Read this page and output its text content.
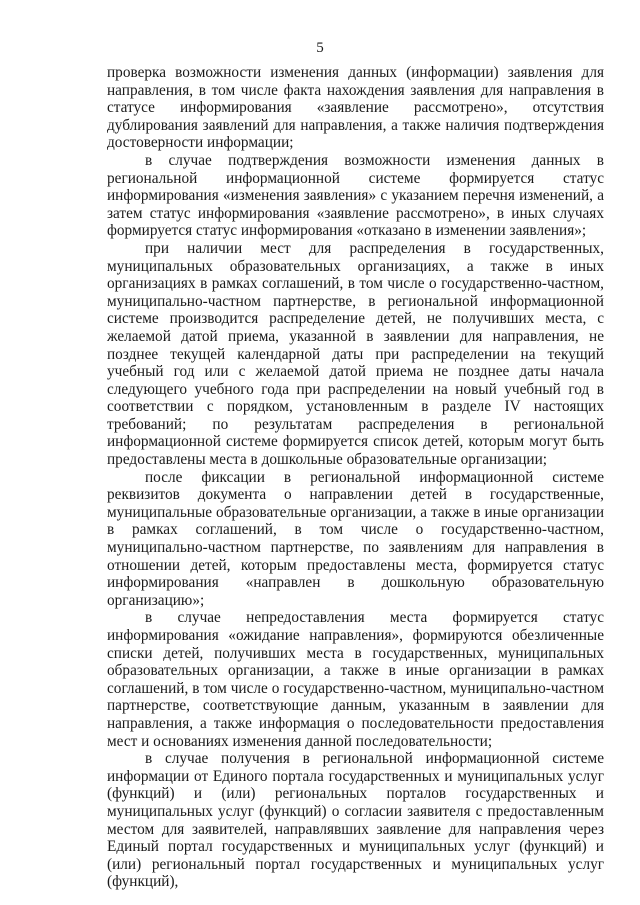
5

проверка возможности изменения данных (информации) заявления для направления, в том числе факта нахождения заявления для направления в статусе информирования «заявление рассмотрено», отсутствия дублирования заявлений для направления, а также наличия подтверждения достоверности информации;

в случае подтверждения возможности изменения данных в региональной информационной системе формируется статус информирования «изменения заявления» с указанием перечня изменений, а затем статус информирования «заявление рассмотрено», в иных случаях формируется статус информирования «отказано в изменении заявления»;

при наличии мест для распределения в государственных, муниципальных образовательных организациях, а также в иных организациях в рамках соглашений, в том числе о государственно-частном, муниципально-частном партнерстве, в региональной информационной системе производится распределение детей, не получивших места, с желаемой датой приема, указанной в заявлении для направления, не позднее текущей календарной даты при распределении на текущий учебный год или с желаемой датой приема не позднее даты начала следующего учебного года при распределении на новый учебный год в соответствии с порядком, установленным в разделе IV настоящих требований; по результатам распределения в региональной информационной системе формируется список детей, которым могут быть предоставлены места в дошкольные образовательные организации;

после фиксации в региональной информационной системе реквизитов документа о направлении детей в государственные, муниципальные образовательные организации, а также в иные организации в рамках соглашений, в том числе о государственно-частном, муниципально-частном партнерстве, по заявлениям для направления в отношении детей, которым предоставлены места, формируется статус информирования «направлен в дошкольную образовательную организацию»;

в случае непредоставления места формируется статус информирования «ожидание направления», формируются обезличенные списки детей, получивших места в государственных, муниципальных образовательных организации, а также в иные организации в рамках соглашений, в том числе о государственно-частном, муниципально-частном партнерстве, соответствующие данным, указанным в заявлении для направления, а также информация о последовательности предоставления мест и основаниях изменения данной последовательности;

в случае получения в региональной информационной системе информации от Единого портала государственных и муниципальных услуг (функций) и (или) региональных порталов государственных и муниципальных услуг (функций) о согласии заявителя с предоставленным местом для заявителей, направлявших заявление для направления через Единый портал государственных и муниципальных услуг (функций) и (или) региональный портал государственных и муниципальных услуг (функций),
